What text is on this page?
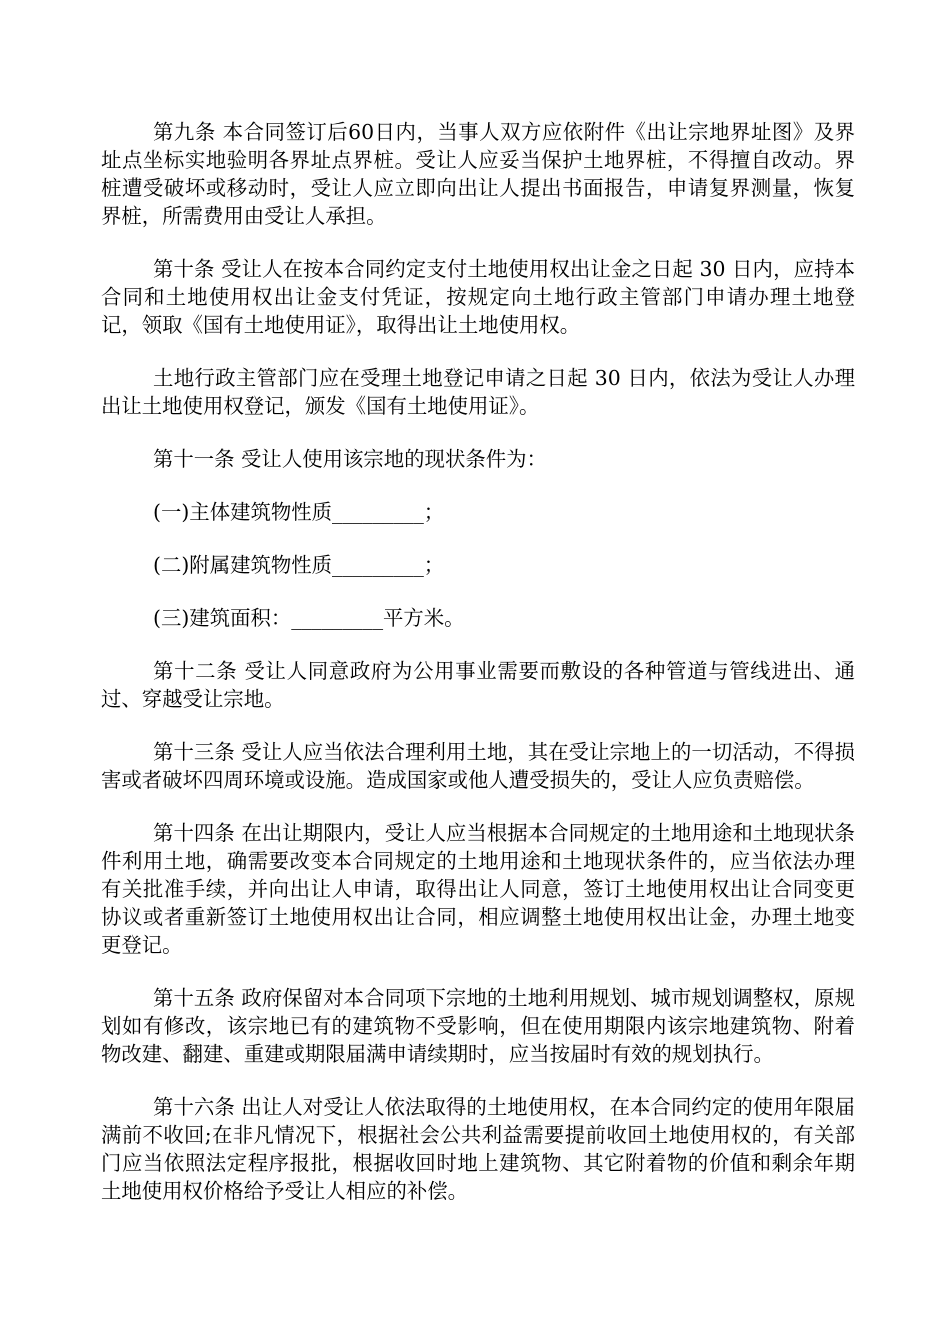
第九条 本合同签订后60日内，当事人双方应依附件《出让宗地界址图》及界址点坐标实地验明各界址点界桩。受让人应妥当保护土地界桩，不得擅自改动。界桩遭受破坏或移动时，受让人应立即向出让人提出书面报告，申请复界测量，恢复界桩，所需费用由受让人承担。

第十条 受让人在按本合同约定支付土地使用权出让金之日起 30 日内，应持本合同和土地使用权出让金支付凭证，按规定向土地行政主管部门申请办理土地登记，领取《国有土地使用证》，取得出让土地使用权。

土地行政主管部门应在受理土地登记申请之日起 30 日内，依法为受让人办理出让土地使用权登记，颁发《国有土地使用证》。

第十一条 受让人使用该宗地的现状条件为：

(一)主体建筑物性质_________；

(二)附属建筑物性质_________；

(三)建筑面积：_________平方米。

第十二条 受让人同意政府为公用事业需要而敷设的各种管道与管线进出、通过、穿越受让宗地。

第十三条 受让人应当依法合理利用土地，其在受让宗地上的一切活动，不得损害或者破坏四周环境或设施。造成国家或他人遭受损失的，受让人应负责赔偿。

第十四条 在出让期限内，受让人应当根据本合同规定的土地用途和土地现状条件利用土地，确需要改变本合同规定的土地用途和土地现状条件的，应当依法办理有关批准手续，并向出让人申请，取得出让人同意，签订土地使用权出让合同变更协议或者重新签订土地使用权出让合同，相应调整土地使用权出让金，办理土地变更登记。

第十五条 政府保留对本合同项下宗地的土地利用规划、城市规划调整权，原规划如有修改，该宗地已有的建筑物不受影响，但在使用期限内该宗地建筑物、附着物改建、翻建、重建或期限届满申请续期时，应当按届时有效的规划执行。

第十六条 出让人对受让人依法取得的土地使用权，在本合同约定的使用年限届满前不收回;在非凡情况下，根据社会公共利益需要提前收回土地使用权的，有关部门应当依照法定程序报批，根据收回时地上建筑物、其它附着物的价值和剩余年期土地使用权价格给予受让人相应的补偿。
